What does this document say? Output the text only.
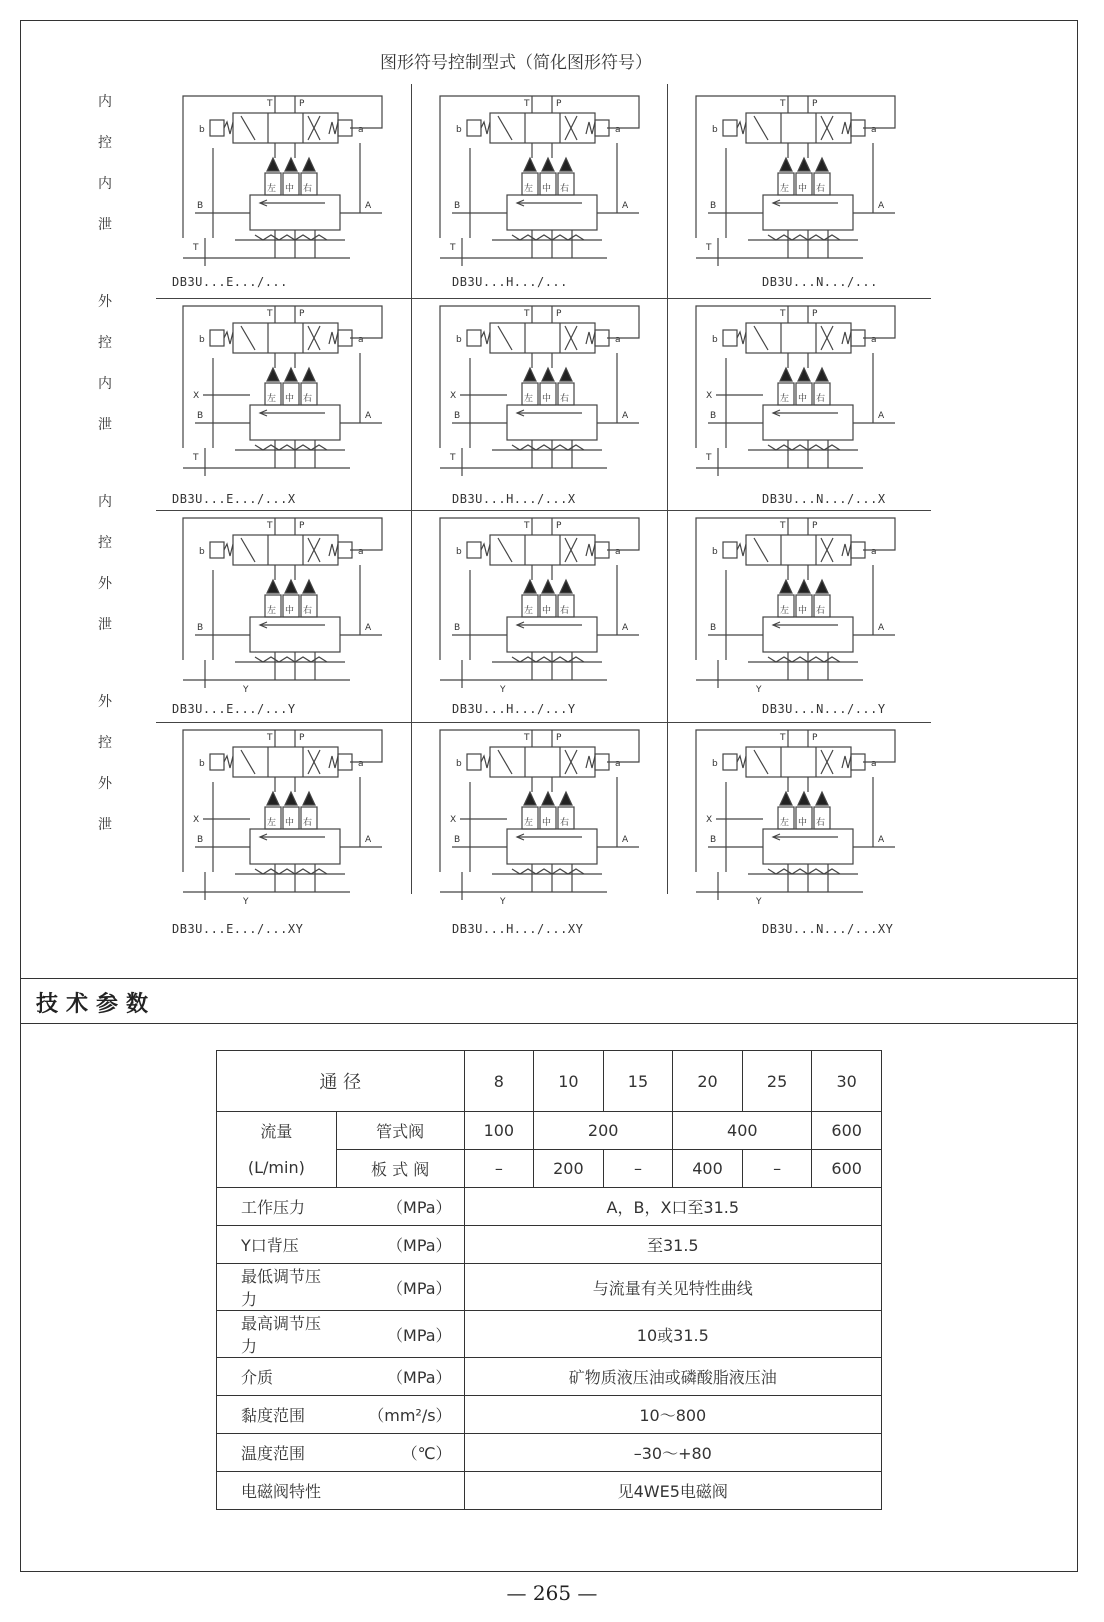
图形符号控制型式（简化图形符号）
内
控
内
泄
外
控
内
泄
内
控
外
泄
外
控
外
泄
b	a
T	P
B	A
左 中 右
T
b	a
T	P
B	A
左 中 右
T
b	a
T	P
B	A
左 中 右
T
b	a
T	P
B	A
左 中 右
X
T
b	a
T	P
B	A
左 中 右
X
T
b	a
T	P
B	A
左 中 右
X
T
b	a
T	P
B	A
左 中 右
Y
b	a
T	P
B	A
左 中 右
Y
b	a
T	P
B	A
左 中 右
Y
b	a
T	P
B	A
左 中 右
X
Y
b	a
T	P
B	A
左 中 右
X
Y
b	a
T	P
B	A
左 中 右
X
Y
DB3U...E.../...	DB3U...H.../...	DB3U...N.../...
DB3U...E.../...X	DB3U...H.../...X	DB3U...N.../...X
DB3U...E.../...Y	DB3U...H.../...Y	DB3U...N.../...Y
DB3U...E.../...XY	DB3U...H.../...XY	DB3U...N.../...XY
技术参数
通 径		8	10	15	20	25	30

流量
(L/min)	管式阀	100	200		400		600
	板 式 阀	–	200	–	400	–	600
工作压力	（MPa）	A，B，X口至31.5					
Y口背压	（MPa）	至31.5					
最低调节压力	（MPa）	与流量有关见特性曲线					
最高调节压力	（MPa）	10或31.5					
介质	（MPa）	矿物质液压油或磷酸脂液压油					
黏度范围	（mm²/s）	10～800					
温度范围	（℃）	–30～+80					
电磁阀特性		见4WE5电磁阀					
— 265 —
